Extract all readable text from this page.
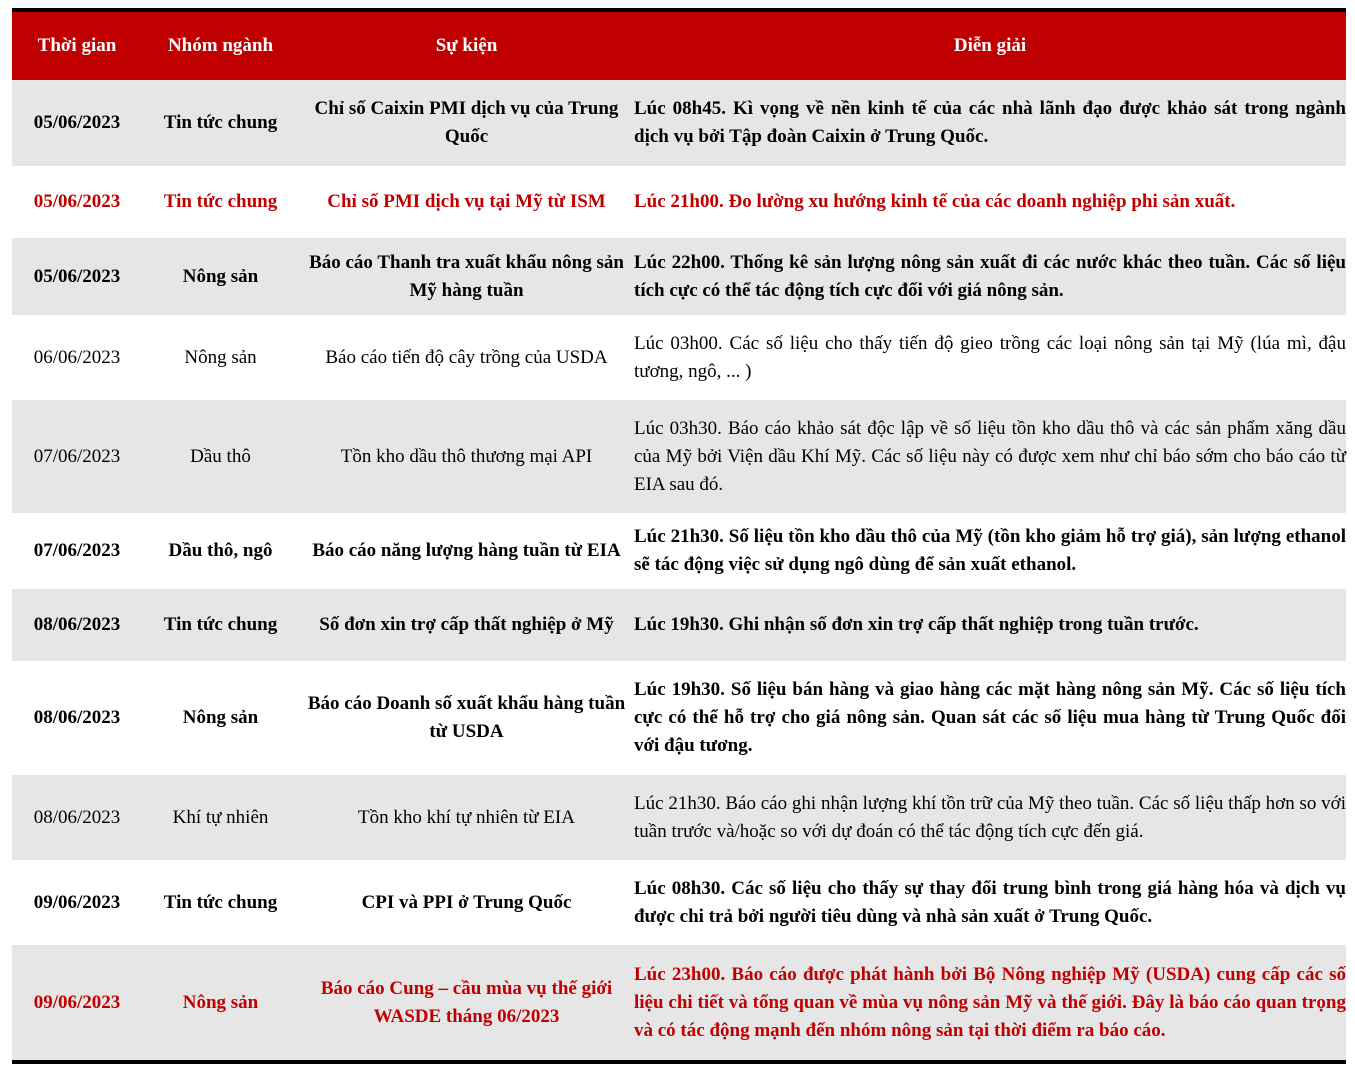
Thời gian	Nhóm ngành	Sự kiện	Diễn giải
05/06/2023	Tin tức chung	Chỉ số Caixin PMI dịch vụ của Trung Quốc	Lúc 08h45. Kì vọng về nền kinh tế của các nhà lãnh đạo được khảo sát trong ngành dịch vụ bởi Tập đoàn Caixin ở Trung Quốc.
05/06/2023	Tin tức chung	Chỉ số PMI dịch vụ tại Mỹ từ ISM	Lúc 21h00. Đo lường xu hướng kinh tế của các doanh nghiệp phi sản xuất.
05/06/2023	Nông sản	Báo cáo Thanh tra xuất khẩu nông sản Mỹ hàng tuần	Lúc 22h00. Thống kê sản lượng nông sản xuất đi các nước khác theo tuần. Các số liệu tích cực có thể tác động tích cực đối với giá nông sản.
06/06/2023	Nông sản	Báo cáo tiến độ cây trồng của USDA	Lúc 03h00. Các số liệu cho thấy tiến độ gieo trồng các loại nông sản tại Mỹ (lúa mì, đậu tương, ngô, ... )
07/06/2023	Dầu thô	Tồn kho dầu thô thương mại API	Lúc 03h30. Báo cáo khảo sát độc lập về số liệu tồn kho dầu thô và các sản phẩm xăng dầu của Mỹ bởi Viện dầu Khí Mỹ. Các số liệu này có được xem như chỉ báo sớm cho báo cáo từ EIA sau đó.
07/06/2023	Dầu thô, ngô	Báo cáo năng lượng hàng tuần từ EIA	Lúc 21h30. Số liệu tồn kho dầu thô của Mỹ (tồn kho giảm hỗ trợ giá), sản lượng ethanol sẽ tác động việc sử dụng ngô dùng để sản xuất ethanol.
08/06/2023	Tin tức chung	Số đơn xin trợ cấp thất nghiệp ở Mỹ	Lúc 19h30. Ghi nhận số đơn xin trợ cấp thất nghiệp trong tuần trước.
08/06/2023	Nông sản	Báo cáo Doanh số xuất khẩu hàng tuần từ USDA	Lúc 19h30. Số liệu bán hàng và giao hàng các mặt hàng nông sản Mỹ. Các số liệu tích cực có thể hỗ trợ cho giá nông sản. Quan sát các số liệu mua hàng từ Trung Quốc đối với đậu tương.
08/06/2023	Khí tự nhiên	Tồn kho khí tự nhiên từ EIA	Lúc 21h30. Báo cáo ghi nhận lượng khí tồn trữ của Mỹ theo tuần. Các số liệu thấp hơn so với tuần trước và/hoặc so với dự đoán có thể tác động tích cực đến giá.
09/06/2023	Tin tức chung	CPI và PPI ở Trung Quốc	Lúc 08h30. Các số liệu cho thấy sự thay đổi trung bình trong giá hàng hóa và dịch vụ được chi trả bởi người tiêu dùng và nhà sản xuất ở Trung Quốc.
09/06/2023	Nông sản	Báo cáo Cung – cầu mùa vụ thế giới WASDE tháng 06/2023	Lúc 23h00. Báo cáo được phát hành bởi Bộ Nông nghiệp Mỹ (USDA) cung cấp các số liệu chi tiết và tổng quan về mùa vụ nông sản Mỹ và thế giới. Đây là báo cáo quan trọng và có tác động mạnh đến nhóm nông sản tại thời điểm ra báo cáo.
